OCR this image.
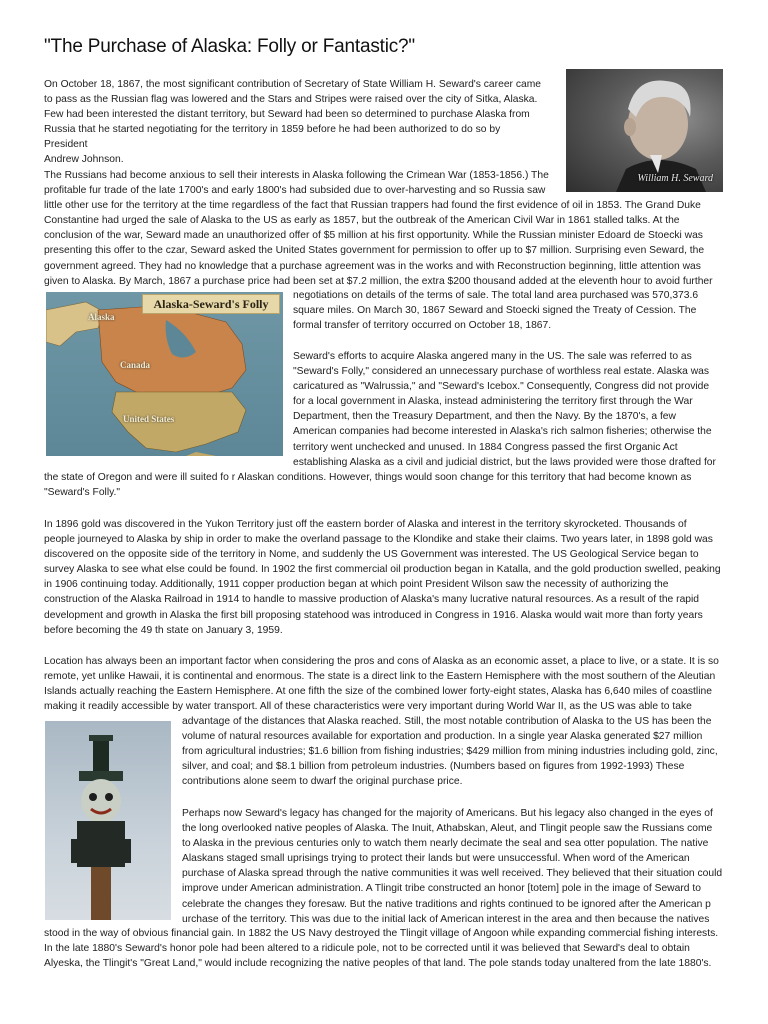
"The Purchase of Alaska: Folly or Fantastic?"
William H. Seward
Alaska-Seward's Folly
Alaska
Canada
United States
On October 18, 1867, the most significant contribution of Secretary of State William H. Seward's career came
to pass as the Russian flag was lowered and the Stars and Stripes were raised over the city of Sitka, Alaska.
Few had been interested the distant territory, but Seward had been so determined to purchase Alaska from
Russia that he started negotiating for the territory in 1859 before he had been authorized to do so by President
Andrew Johnson.
The Russians had become anxious to sell their interests in Alaska following the Crimean War (1853-1856.) The
profitable fur trade of the late 1700's and early 1800's had subsided due to over-harvesting and so Russia saw
little other use for the territory at the time regardless of the fact that Russian trappers had found the first evidence of oil in 1853. The Grand Duke
Constantine had urged the sale of Alaska to the US as early as 1857, but the outbreak of the American Civil War in 1861 stalled talks. At the
conclusion of the war, Seward made an unauthorized offer of $5 million at his first opportunity. While the Russian minister Edoard de Stoecki was
presenting this offer to the czar, Seward asked the United States government for permission to offer up to $7 million. Surprising even Seward, the
government agreed. They had no knowledge that a purchase agreement was in the works and with Reconstruction beginning, little attention was
given to Alaska. By March, 1867 a purchase price had been set at $7.2 million, the extra $200 thousand added at the eleventh hour to avoid further
negotiations on details of the terms of sale. The total land area purchased was 570,373.6
square miles. On March 30, 1867 Seward and Stoecki signed the Treaty of Cession. The
formal transfer of territory occurred on October 18, 1867.
Seward's efforts to acquire Alaska angered many in the US. The sale was referred to as
"Seward's Folly," considered an unnecessary purchase of worthless real estate. Alaska was
caricatured as "Walrussia," and "Seward's Icebox." Consequently, Congress did not provide
for a local government in Alaska, instead administering the territory first through the War
Department, then the Treasury Department, and then the Navy. By the 1870's, a few
American companies had become interested in Alaska's rich salmon fisheries; otherwise the
territory went unchecked and unused. In 1884 Congress passed the first Organic Act
establishing Alaska as a civil and judicial district, but the laws provided were those drafted for
the state of Oregon and were ill suited fo r Alaskan conditions. However, things would soon change for this territory that had become known as
"Seward's Folly."
In 1896 gold was discovered in the Yukon Territory just off the eastern border of Alaska and interest in the territory skyrocketed. Thousands of
people journeyed to Alaska by ship in order to make the overland passage to the Klondike and stake their claims. Two years later, in 1898 gold was
discovered on the opposite side of the territory in Nome, and suddenly the US Government was interested. The US Geological Service began to
survey Alaska to see what else could be found. In 1902 the first commercial oil production began in Katalla, and the gold production swelled, peaking
in 1906 continuing today. Additionally, 1911 copper production began at which point President Wilson saw the necessity of authorizing the
construction of the Alaska Railroad in 1914 to handle to massive production of Alaska's many lucrative natural resources. As a result of the rapid
development and growth in Alaska the first bill proposing statehood was introduced in Congress in 1916. Alaska would wait more than forty years
before becoming the 49 th state on January 3, 1959.
Location has always been an important factor when considering the pros and cons of Alaska as an economic asset, a place to live, or a state. It is so
remote, yet unlike Hawaii, it is continental and enormous. The state is a direct link to the Eastern Hemisphere with the most southern of the Aleutian
Islands actually reaching the Eastern Hemisphere. At one fifth the size of the combined lower forty-eight states, Alaska has 6,640 miles of coastline
making it readily accessible by water transport. All of these characteristics were very important during World War II, as the US was able to take
advantage of the distances that Alaska reached. Still, the most notable contribution of Alaska to the US has been the
volume of natural resources available for exportation and production. In a single year Alaska generated $27 million
from agricultural industries; $1.6 billion from fishing industries; $429 million from mining industries including gold, zinc,
silver, and coal; and $8.1 billion from petroleum industries. (Numbers based on figures from 1992-1993) These
contributions alone seem to dwarf the original purchase price.
Perhaps now Seward's legacy has changed for the majority of Americans. But his legacy also changed in the eyes of
the long overlooked native peoples of Alaska. The Inuit, Athabskan, Aleut, and Tlingit people saw the Russians come
to Alaska in the previous centuries only to watch them nearly decimate the seal and sea otter population. The native
Alaskans staged small uprisings trying to protect their lands but were unsuccessful. When word of the American
purchase of Alaska spread through the native communities it was well received. They believed that their situation could
improve under American administration. A Tlingit tribe constructed an honor [totem] pole in the image of Seward to
celebrate the changes they foresaw. But the native traditions and rights continued to be ignored after the American p
urchase of the territory. This was due to the initial lack of American interest in the area and then because the natives
stood in the way of obvious financial gain. In 1882 the US Navy destroyed the Tlingit village of Angoon while expanding commercial fishing interests.
In the late 1880's Seward's honor pole had been altered to a ridicule pole, not to be corrected until it was believed that Seward's deal to obtain
Alyeska, the Tlingit's "Great Land," would include recognizing the native peoples of that land. The pole stands today unaltered from the late 1880's.
